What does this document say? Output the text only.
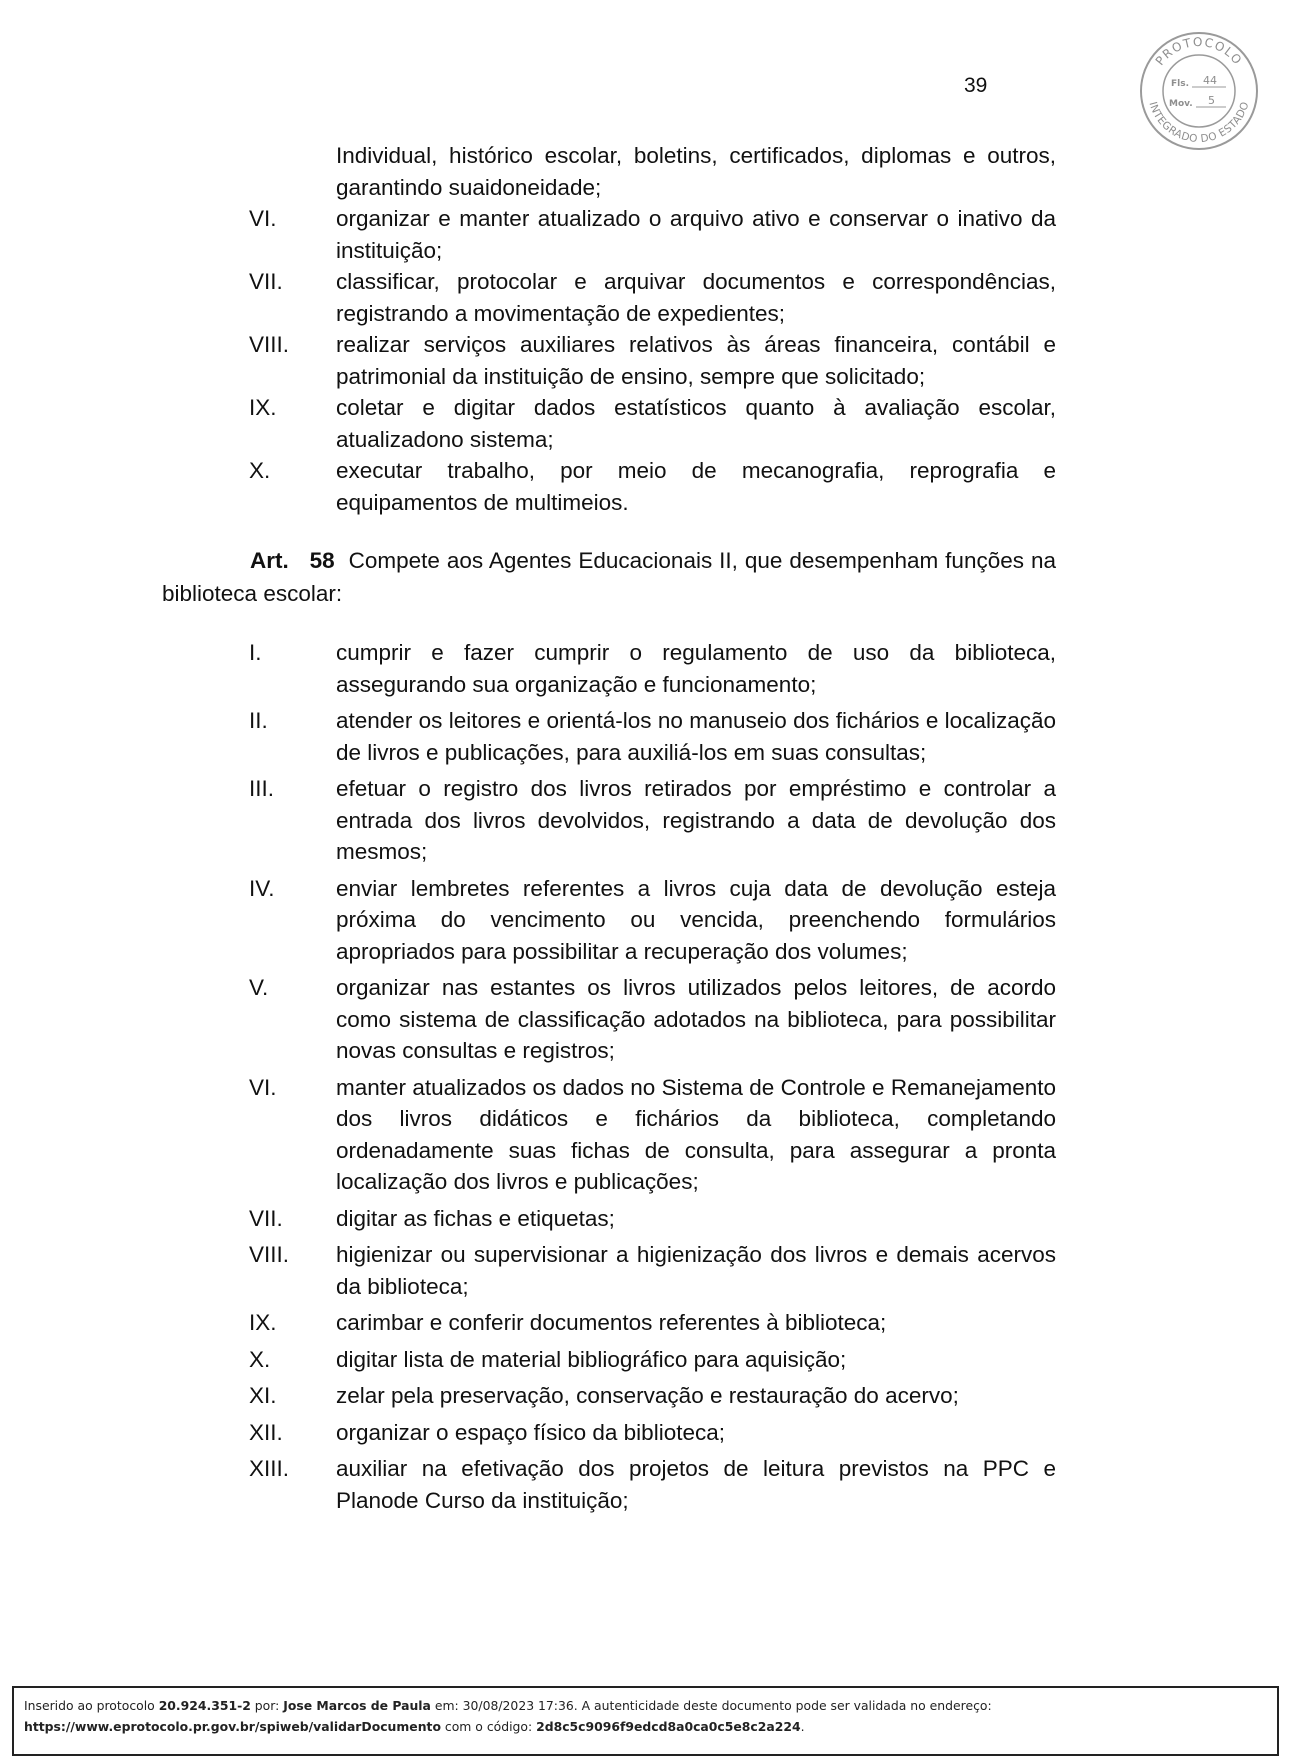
39
PROTOCOLO
INTEGRADO DO ESTADO
Fls. 44
Mov. 5
Individual, histórico escolar, boletins, certificados, diplomas e outros, garantindo suaidoneidade;
VI.	organizar e manter atualizado o arquivo ativo e conservar o inativo da instituição;
VII.	classificar, protocolar e arquivar documentos e correspondências, registrando a movimentação de expedientes;
VIII.	realizar serviços auxiliares relativos às áreas financeira, contábil e patrimonial da instituição de ensino, sempre que solicitado;
IX.	coletar e digitar dados estatísticos quanto à avaliação escolar, atualizadono sistema;
X.	executar trabalho, por meio de mecanografia, reprografia e equipamentos de multimeios.
Art. 58 Compete aos Agentes Educacionais II, que desempenham funções na biblioteca escolar:
I.	cumprir e fazer cumprir o regulamento de uso da biblioteca, assegurando sua organização e funcionamento;
II.	atender os leitores e orientá-los no manuseio dos fichários e localização de livros e publicações, para auxiliá-los em suas consultas;
III.	efetuar o registro dos livros retirados por empréstimo e controlar a entrada dos livros devolvidos, registrando a data de devolução dos mesmos;
IV.	enviar lembretes referentes a livros cuja data de devolução esteja próxima do vencimento ou vencida, preenchendo formulários apropriados para possibilitar a recuperação dos volumes;
V.	organizar nas estantes os livros utilizados pelos leitores, de acordo como sistema de classificação adotados na biblioteca, para possibilitar novas consultas e registros;
VI.	manter atualizados os dados no Sistema de Controle e Remanejamento dos livros didáticos e fichários da biblioteca, completando ordenadamente suas fichas de consulta, para assegurar a pronta localização dos livros e publicações;
VII.	digitar as fichas e etiquetas;
VIII.	higienizar ou supervisionar a higienização dos livros e demais acervos da biblioteca;
IX.	carimbar e conferir documentos referentes à biblioteca;
X.	digitar lista de material bibliográfico para aquisição;
XI.	zelar pela preservação, conservação e restauração do acervo;
XII.	organizar o espaço físico da biblioteca;
XIII.	auxiliar na efetivação dos projetos de leitura previstos na PPC e Planode Curso da instituição;
Inserido ao protocolo 20.924.351-2 por: Jose Marcos de Paula em: 30/08/2023 17:36. A autenticidade deste documento pode ser validada no endereço:
https://www.eprotocolo.pr.gov.br/spiweb/validarDocumento com o código: 2d8c5c9096f9edcd8a0ca0c5e8c2a224.
